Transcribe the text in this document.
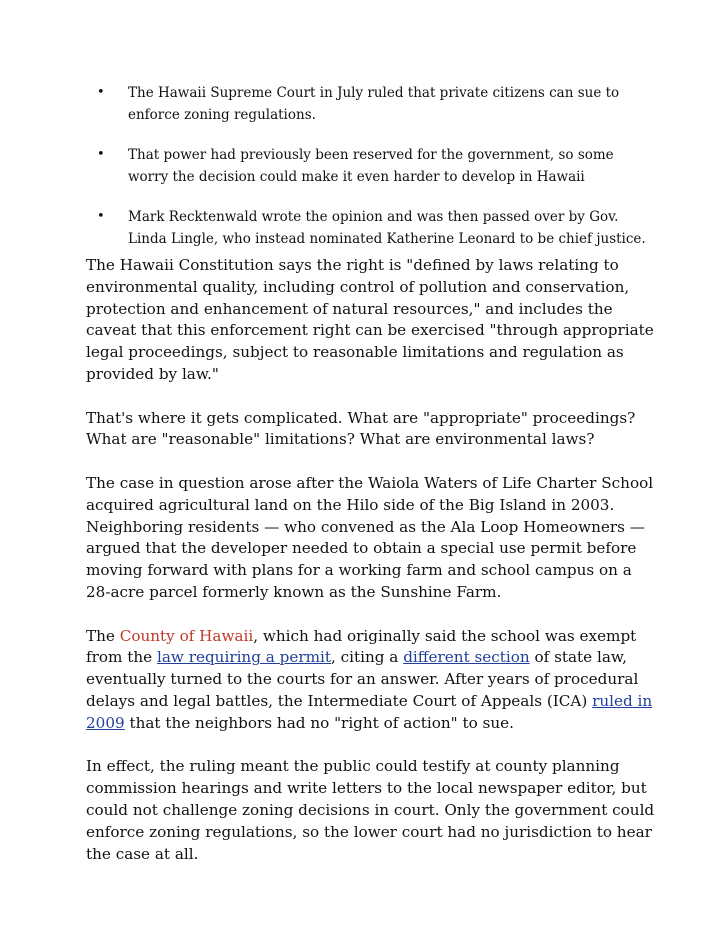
• The Hawaii Supreme Court in July ruled that private citizens can sue to enforce zoning regulations.

• That power had previously been reserved for the government, so some worry the decision could make it even harder to develop in Hawaii

• Mark Recktenwald wrote the opinion and was then passed over by Gov. Linda Lingle, who instead nominated Katherine Leonard to be chief justice.

The Hawaii Constitution says the right is "defined by laws relating to environmental quality, including control of pollution and conservation, protection and enhancement of natural resources," and includes the caveat that this enforcement right can be exercised "through appropriate legal proceedings, subject to reasonable limitations and regulation as provided by law."

That's where it gets complicated. What are "appropriate" proceedings? What are "reasonable" limitations? What are environmental laws?

The case in question arose after the Waiola Waters of Life Charter School acquired agricultural land on the Hilo side of the Big Island in 2003. Neighboring residents — who convened as the Ala Loop Homeowners — argued that the developer needed to obtain a special use permit before moving forward with plans for a working farm and school campus on a 28-acre parcel formerly known as the Sunshine Farm.

The County of Hawaii, which had originally said the school was exempt from the law requiring a permit, citing a different section of state law, eventually turned to the courts for an answer. After years of procedural delays and legal battles, the Intermediate Court of Appeals (ICA) ruled in 2009 that the neighbors had no "right of action" to sue.

In effect, the ruling meant the public could testify at county planning commission hearings and write letters to the local newspaper editor, but could not challenge zoning decisions in court. Only the government could enforce zoning regulations, so the lower court had no jurisdiction to hear the case at all.
